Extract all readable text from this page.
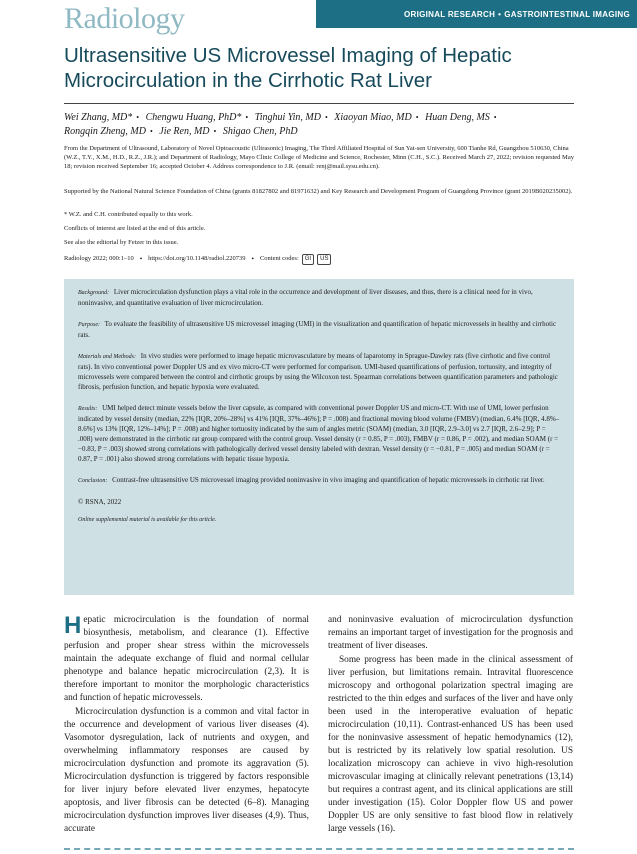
Radiology	ORIGINAL RESEARCH • GASTROINTESTINAL IMAGING
Ultrasensitive US Microvessel Imaging of Hepatic Microcirculation in the Cirrhotic Rat Liver
Wei Zhang, MD* • Chengwu Huang, PhD* • Tinghui Yin, MD • Xiaoyan Miao, MD • Huan Deng, MS • Rongqin Zheng, MD • Jie Ren, MD • Shigao Chen, PhD

From the Department of Ultrasound, Laboratory of Novel Optoacoustic (Ultrasonic) Imaging, The Third Affiliated Hospital of Sun Yat-sen University, 600 Tianhe Rd, Guangzhou 510630, China (W.Z., T.Y., X.M., H.D., R.Z., J.R.); and Department of Radiology, Mayo Clinic College of Medicine and Science, Rochester, Minn (C.H., S.C.). Received March 27, 2022; revision requested May 18; revision received September 16; accepted October 4. Address correspondence to J.R. (email: renj@mail.sysu.edu.cn).

Supported by the National Natural Science Foundation of China (grants 81827802 and 81971632) and Key Research and Development Program of Guangdong Province (grant 2019B020235002).

* W.Z. and C.H. contributed equally to this work.

Conflicts of interest are listed at the end of this article.

See also the editorial by Fetzer in this issue.

Radiology 2022; 000:1–10 • https://doi.org/10.1148/radiol.220739 • Content codes:	GI	US

Background: Liver microcirculation dysfunction plays a vital role in the occurrence and development of liver diseases, and thus, there is a clinical need for in vivo, noninvasive, and quantitative evaluation of liver microcirculation.

Purpose: To evaluate the feasibility of ultrasensitive US microvessel imaging (UMI) in the visualization and quantification of hepatic microvessels in healthy and cirrhotic rats.

Materials and Methods: In vivo studies were performed to image hepatic microvasculature by means of laparotomy in Sprague-Dawley rats (five cirrhotic and five control rats). In vivo conventional power Doppler US and ex vivo micro-CT were performed for comparison. UMI-based quantifications of perfusion, tortuosity, and integrity of microvessels were compared between the control and cirrhotic groups by using the Wilcoxon test. Spearman correlations between quantification parameters and pathologic fibrosis, perfusion function, and hepatic hypoxia were evaluated.

Results: UMI helped detect minute vessels below the liver capsule, as compared with conventional power Doppler US and micro-CT. With use of UMI, lower perfusion indicated by vessel density (median, 22% [IQR, 20%–28%] vs 41% [IQR, 37%–46%]; P = .008) and fractional moving blood volume (FMBV) (median, 6.4% [IQR, 4.8%–8.6%] vs 13% [IQR, 12%–14%]; P = .008) and higher tortuosity indicated by the sum of angles metric (SOAM) (median, 3.0 [IQR, 2.9–3.0] vs 2.7 [IQR, 2.6–2.9]; P = .008) were demonstrated in the cirrhotic rat group compared with the control group. Vessel density (r = 0.85, P = .003), FMBV (r = 0.86, P = .002), and median SOAM (r = −0.83, P = .003) showed strong correlations with pathologically derived vessel density labeled with dextran. Vessel density (r = −0.81, P = .005) and median SOAM (r = 0.87, P = .001) also showed strong correlations with hepatic tissue hypoxia.

Conclusion: Contrast-free ultrasensitive US microvessel imaging provided noninvasive in vivo imaging and quantification of hepatic microvessels in cirrhotic rat liver.

© RSNA, 2022

Online supplemental material is available for this article.

Hepatic microcirculation is the foundation of normal biosynthesis, metabolism, and clearance (1). Effective perfusion and proper shear stress within the microvessels maintain the adequate exchange of fluid and normal cellular phenotype and balance hepatic microcirculation (2,3). It is therefore important to monitor the morphologic characteristics and function of hepatic microvessels.

Microcirculation dysfunction is a common and vital factor in the occurrence and development of various liver diseases (4). Vasomotor dysregulation, lack of nutrients and oxygen, and overwhelming inflammatory responses are caused by microcirculation dysfunction and promote its aggravation (5). Microcirculation dysfunction is triggered by factors responsible for liver injury before elevated liver enzymes, hepatocyte apoptosis, and liver fibrosis can be detected (6–8). Managing microcirculation dysfunction improves liver diseases (4,9). Thus, accurate

and noninvasive evaluation of microcirculation dysfunction remains an important target of investigation for the prognosis and treatment of liver diseases.

Some progress has been made in the clinical assessment of liver perfusion, but limitations remain. Intravital fluorescence microscopy and orthogonal polarization spectral imaging are restricted to the thin edges and surfaces of the liver and have only been used in the interoperative evaluation of hepatic microcirculation (10,11). Contrast-enhanced US has been used for the noninvasive assessment of hepatic hemodynamics (12), but is restricted by its relatively low spatial resolution. US localization microscopy can achieve in vivo high-resolution microvascular imaging at clinically relevant penetrations (13,14) but requires a contrast agent, and its clinical applications are still under investigation (15). Color Doppler flow US and power Doppler US are only sensitive to fast blood flow in relatively large vessels (16).
